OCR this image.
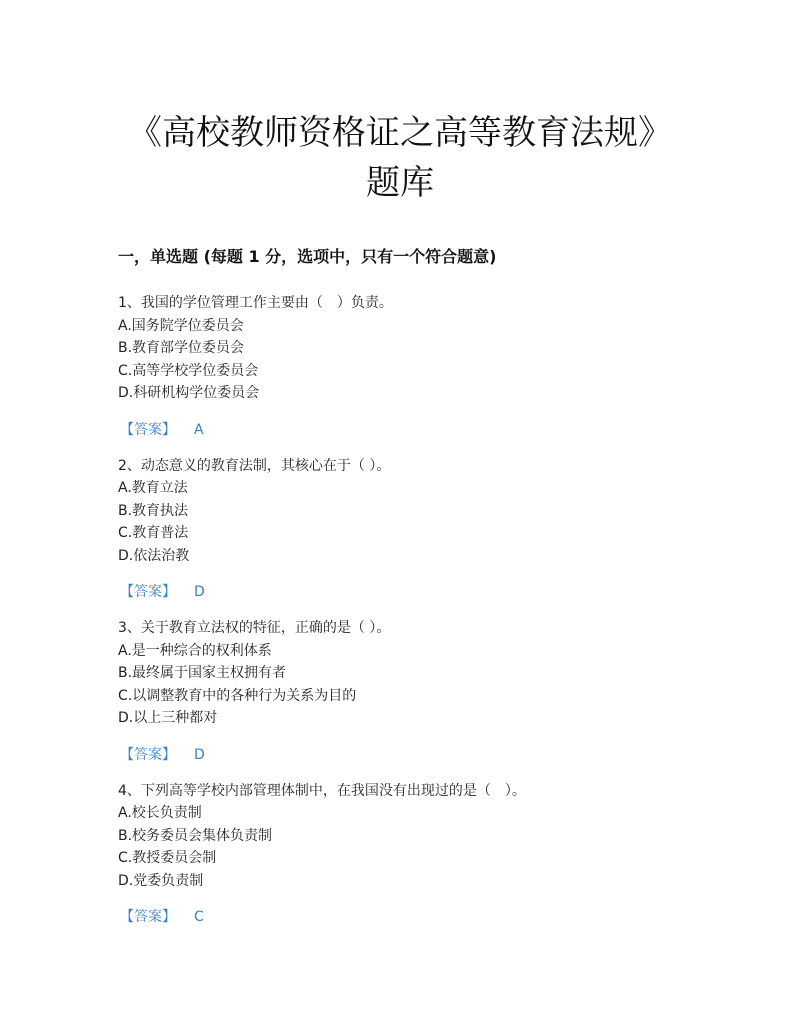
《高校教师资格证之高等教育法规》
题库
一，单选题 (每题 1 分，选项中，只有一个符合题意)
1、我国的学位管理工作主要由（　）负责。
A.国务院学位委员会
B.教育部学位委员会
C.高等学校学位委员会
D.科研机构学位委员会
【答案】 A
2、动态意义的教育法制，其核心在于（ ）。
A.教育立法
B.教育执法
C.教育普法
D.依法治教
【答案】 D
3、关于教育立法权的特征，正确的是（ ）。
A.是一种综合的权利体系
B.最终属于国家主权拥有者
C.以调整教育中的各种行为关系为目的
D.以上三种都对
【答案】 D
4、下列高等学校内部管理体制中，在我国没有出现过的是（　）。
A.校长负责制
B.校务委员会集体负责制
C.教授委员会制
D.党委负责制
【答案】 C
